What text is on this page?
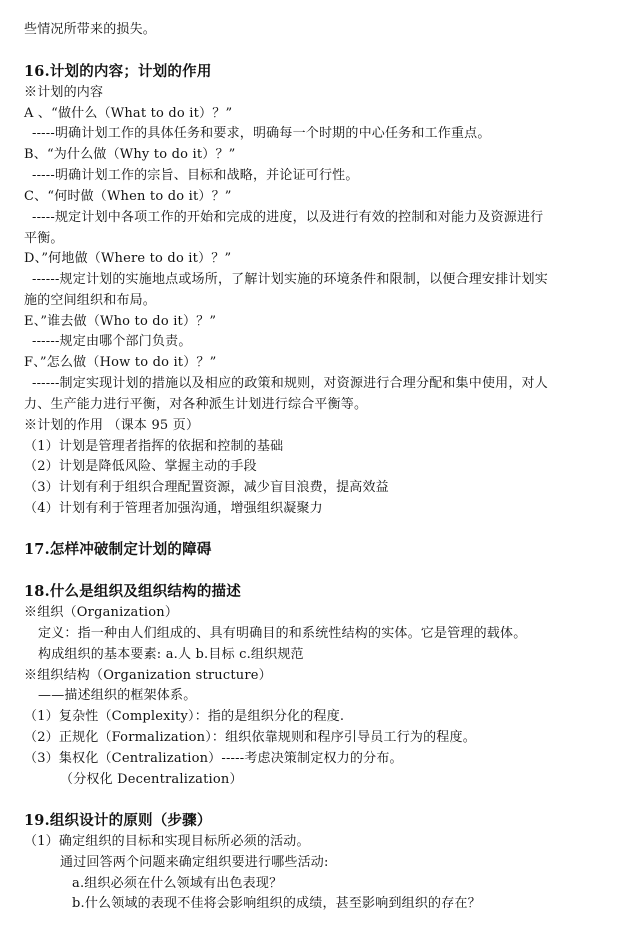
些情况所带来的损失。
16.计划的内容；计划的作用
※计划的内容
A 、“做什么（What to do it）？”
-----明确计划工作的具体任务和要求，明确每一个时期的中心任务和工作重点。
B、“为什么做（Why to do it）？”
-----明确计划工作的宗旨、目标和战略，并论证可行性。
C、“何时做（When to do it）？”
-----规定计划中各项工作的开始和完成的进度，以及进行有效的控制和对能力及资源进行
平衡。
D、”何地做（Where to do it）？”
------规定计划的实施地点或场所，了解计划实施的环境条件和限制，以便合理安排计划实
施的空间组织和布局。
E、”谁去做（Who to do it）？”
------规定由哪个部门负责。
F、”怎么做（How to do it）？”
------制定实现计划的措施以及相应的政策和规则，对资源进行合理分配和集中使用，对人
力、生产能力进行平衡，对各种派生计划进行综合平衡等。
※计划的作用 （课本 95 页）
（1）计划是管理者指挥的依据和控制的基础
（2）计划是降低风险、掌握主动的手段
（3）计划有利于组织合理配置资源，减少盲目浪费，提高效益
（4）计划有利于管理者加强沟通，增强组织凝聚力
17.怎样冲破制定计划的障碍
18.什么是组织及组织结构的描述
※组织（Organization）
定义：指一种由人们组成的、具有明确目的和系统性结构的实体。它是管理的载体。
构成组织的基本要素: a.人 b.目标 c.组织规范
※组织结构（Organization structure）
——描述组织的框架体系。
（1）复杂性（Complexity）：指的是组织分化的程度.
（2）正规化（Formalization）：组织依靠规则和程序引导员工行为的程度。
（3）集权化（Centralization）-----考虑决策制定权力的分布。
（分权化 Decentralization）
19.组织设计的原则（步骤）
（1）确定组织的目标和实现目标所必须的活动。
通过回答两个问题来确定组织要进行哪些活动:
a.组织必须在什么领域有出色表现？
b.什么领域的表现不佳将会影响组织的成绩，甚至影响到组织的存在？
